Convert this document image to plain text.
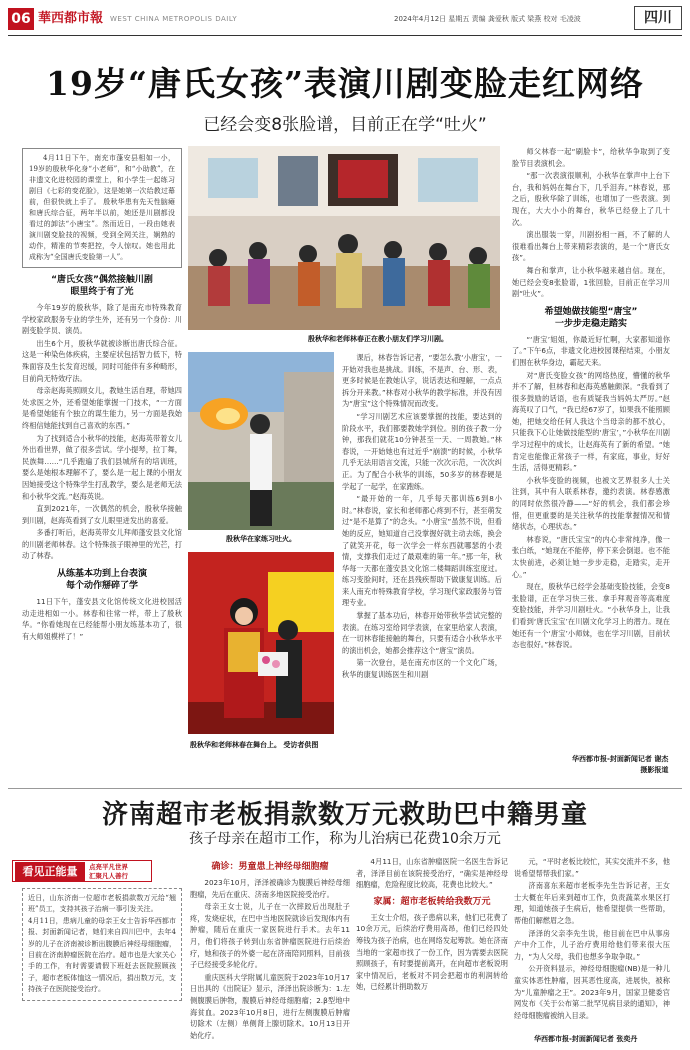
06 華西都市報 WEST CHINA METROPOLIS DAILY	2024年4月12日 星期五 责编 龚爱秋 版式 梁燕 校对 毛凌波	四川
19岁“唐氏女孩”表演川剧变脸走红网络
已经会变8张脸谱，目前正在学“吐火”
4月11日下午，南充市蓬安县相如一小，19岁的殷秋华化身“小老师”，和“小助教”，在非遗文化进校园的课堂上，和小学生一起练习剧目《七彩的变花脸》，这是她第一次给教过幕前，但很快就上手了。 殷秋华患有先天性脑瘫和唐氏综合征，两年半以前，她还是川剧都没看过的卸法“小唐宝”。然而近日，一段由她表演川剧变脸技的视频，受到全网关注，娴熟的动作，精准的节奏把控，令人惊叹。她也用此成称为“全国唐氏变脸第一人”。
“唐氏女孩”偶然接触川剧
眼里终于有了光

今年19岁的殷秋华，除了是南充市特殊教育学校家政服务专业的学生外，还有另一个身份：川剧变脸学员、演员。

出生6个月，殷秋华就被诊断出唐氏综合征。这是一种染色体疾病，主要症状包括智力低下，特殊面容及生长发育迟缓，同时可能伴有多种畸形，目前尚无特效疗法。

母亲赵海英照顾女儿，教她生活自理，带她四处求医之外，还希望她能掌握一门技术，“一方面是希望她能有个独立的谋生能力，另一方面是我始终相信她能找到自己喜欢的东西。”

为了找到适合小秋华的技能，赵海英带着女儿外出看世界，做了很多尝试。学小提琴，拉丁舞，民族舞……“几乎跑遍了我们县城所有的培训班，要么是她根本理解不了，要么是一起上课的小朋友因她接受这个特殊学生打乱教学，要么是老师无法和小秋华交流。”赵海英说。

直到2021年，一次偶然的机会，殷秋华接触到川剧，赵海英看到了女儿眼里迸发出的喜爱。

多番打听后，赵海英带女儿拜师蓬安县文化馆的川剧老师林春。这个特殊孩子眼神里的光芒，打动了林春。

从练基本功到上台表演
每个动作掰碎了学

11日下午，蓬安县文化馆传统文化进校园活动走进相如一小。林春和往常一样，带上了殷秋华。“你看她现在已经能帮小朋友练基本功了，很有大师姐模样了！”

殷秋华和老师林春正在教小朋友们学习川剧。
殷秋华在家练习吐火。
殷秋华和老师林春在舞台上。 受访者供图

课后，林春告诉记者，“要怎么教‘小唐宝’，一开始对我也是挑战。训练，不是声、台、形、表，更多时候是在教她认字，说话表达和理解，一点点拆分开来教。”林春对小秋华的教学标准，并没有因为“唐宝”这个特殊情况而改变。

“学习川剧艺术应该要掌握的技能，要达到的阶段水平，我们都要教她学到位。别的孩子教一分钟，那我们就花10分钟甚至一天、一周教她。”林春说，一开始她也有过近乎“崩溃”的时候，小秋华几乎无法用语言交流，只能一次次示范，一次次纠正。为了配合小秋华的训练，50多岁的林春硬是学起了一起学，在家跑练。

“最开始的一年，几乎每天都训练6到8小时。”林春说，家长和老师都心疼到不行，甚至萌发过“是不是算了”的念头。“小唐宝”虽然不说，但看她的反应，她知道自己没掌握好就主动去练，换会了就笑开花，每一次学会一样东西就哪瑟的小表情，支撑我们走过了最艰难的第一年。”那一年，秋华每一天都在蓬安县文化馆二楼舞蹈训练室度过。练习变脸间时，还在县残疾帮助下做康复训练。后来人南充市特殊教育学校，学习现代家政服务与管理专业。

掌握了基本功后，林春开始带秋华尝试完整的表演。在练习室给同学表演，在家里给家人表演，在一切林春能接触的舞台，只要有适合小秋华水平的演出机会，她都会推荐这个“唐宝”演员。

第一次登台，是在南充市区的一个文化广场，秋华的康复训练医生和川剧

师父林春一起“刷脸卡”，给秋华争取到了变脸节目表演机会。

“那一次表演很顺利，小秋华在掌声中上台下台，我和妈妈在舞台下，几乎泪奔。”林春说，那之后，殷秋华除了训练，也增加了一些表演。到现在，大大小小的舞台，秋华已经登上了几十次。

演出服装一穿，川剧扮相一画，不了解的人很难看出舞台上带来精彩表演的，是一个“唐氏女孩”。

舞台和掌声，让小秋华越来越自信。现在，她已经会变8张脸谱，1张回脸，目前正在学习川剧“吐火”。

希望她做技能型“唐宝”
一步步走稳走踏实

“‘唐宝’姐姐，你最近好忙啊，大家都知道你了。”下午6点，非遗文化进校园课程结束，小朋友们围在秋华身边，霸起天来。

对“唐氏变脸女孩”的网络热度，懵懂的秋华并不了解，但林春和赵海英感触颇深。“我看到了很多鼓励的话语，也有质疑我当妈妈太严厉。”赵海英叹了口气，“我已经67岁了，如果我不能照顾她，把她交给任何人我这个当母亲的都不放心，只能我下心让她做技能型的‘唐宝’，”小秋华在川剧学习过程中的成长，让赵海英有了新的希望。“她肯定也能像正常孩子一样，有家庭，事业，好好生活，活得更精彩。”

小秋华变脸的视频，也被文艺界很多人士关注到，其中有人联系林春，邀约表演。林春感激的同时依然很冷静——“好的机会，我们都会珍惜，但更重要的是关注秋华的技能掌握情况和情绪状态，心理状态。”

林春说，“唐氏宝宝”的内心非常纯净，像一张白纸，“她现在不能停，停下来会倒退。也不能太快前进，必须让她一步步走稳，走踏实，走开心。”

现在，殷秋华已经学会基础变脸技能，会变8张脸谱，正在学习快三张、拿手拜观音等高难度变脸技能，并学习川剧吐火。“小秋华身上，让我们看到‘唐氏宝宝’在川剧文化学习上的潜力。现在她还有一个‘唐宝’小师妹，也在学习川剧，目前状态也很好。”林春说。

华西都市报-封面新闻记者 谢杰
摄影报道
济南超市老板捐款数万元救助巴中籍男童
孩子母亲在超市工作，称为儿治病已花费10余万元
看见正能量	点亮平凡世界
汇聚凡人善行
近日，山东济南一位超市老板捐款数万元给“翘班”员工，支持其孩子治病一事引发关注。
4月11日，患病儿童的母亲王女士告诉华西都市报、封面新闻记者，她们来自四川巴中，去年4岁的儿子在济南被诊断出腹膜后神经母细胞瘤，目前在济南肿瘤医院在治疗。超市也是大家关心手的工作，有时需要请假下班赶去医院照顾孩子，超市老板体恤这一情况后，捐出数万元，支持孩子在医院接受治疗。
确诊：男童患上神经母细胞瘤

2023年10月，泽泽被确诊为腹膜后神经母细胞瘤，先后在重庆、济南多地医院接受治疗。

母亲王女士说，儿子在一次摔跤后出现肚子疼，发烧症状，在巴中当地医院就诊后发现体内有肿瘤，随后在重庆一家医院进行手术。去年11月，他们将孩子转到山东省肿瘤医院进行后续治疗，她和孩子的外婆一起在济南陪同照料，目前孩子已经接受多轮化疗。

重庆医科大学附属儿童医院于2023年10月17日出具的《出院证》显示，泽泽出院诊断为：1.左侧腹膜后肿物，腹膜后神经母细胞瘤；2.β型地中海贫血。2023年10月8日，进行左侧腹膜后肿瘤切除术（左侧）单侧肾上腺切除术。10月13日开始化疗。

4月11日，山东省肿瘤医院一名医生告诉记者，泽泽目前在该院接受治疗，“确实是神经母细胞瘤，危险程度比较高，花费也比较大。”

家属：超市老板转给我数万元

王女士介绍，孩子患病以来，他们已花费了10余万元，后续治疗费用高昂，他们已经四处筹钱为孩子治病，也在网络发起筹款。她在济南当地的一家超市找了一份工作，因为需要去医院照顾孩子，有时要提前离开，在向超市老板说明家中情况后，老板对不同会把超市的利润转给她，已经累计捐助数万

元，“平时老板比较忙，其实交流并不多，他说希望帮帮我们家。”

济南喜东来超市老板李先生告诉记者，王女士大概在年后来到超市工作，负责蔬菜水果区打理，知道她孩子生病后，他希望提供一些帮助，帮他们解燃眉之急。

泽泽的父亲李先生说，他目前在巴中从事房产中介工作，儿子治疗费用给他们带来很大压力，“为人父母，我们也想多争取争取。”

公开资料显示，神经母细胞瘤(NB)是一种儿童实体恶性肿瘤，因其恶性度高，进展快，被称为“儿童肿瘤之王”。2023年9月，国家卫健委官网发布《关于公布第二批罕见病目录的通知》，神经母细胞瘤被纳入目录。

华西都市报-封面新闻记者 张奕丹
